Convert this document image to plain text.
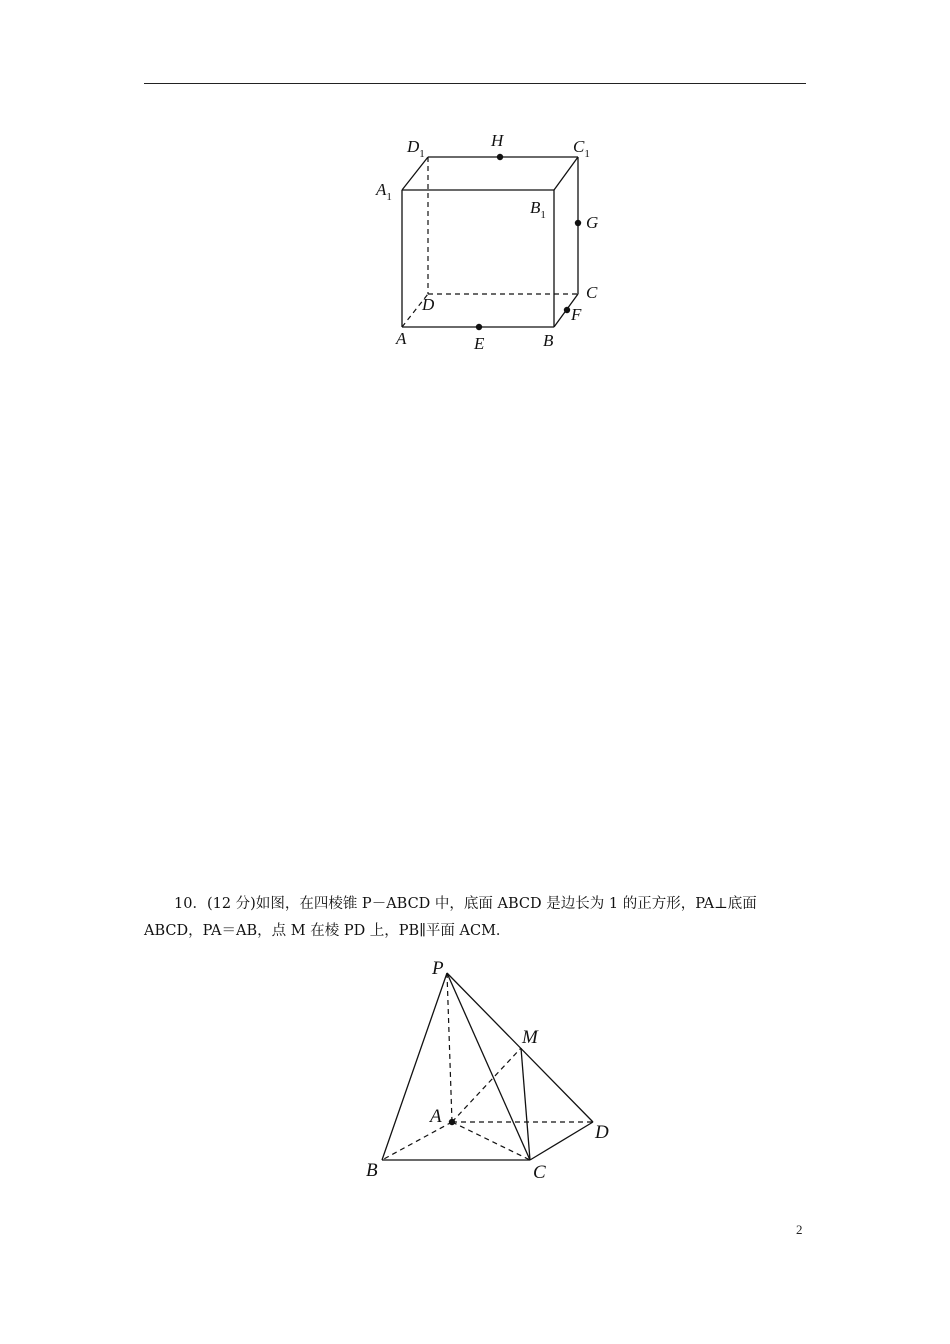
$D_1$
H	$C_1$
$A_1$
$B_1$ G
C
D
F
A	E	B

10．(12 分)如图，在四棱锥 P－ABCD 中，底面 ABCD 是边长为 1 的正方形，PA⊥底面

ABCD，PA＝AB，点 M 在棱 PD 上，PB∥平面 ACM．

P
M
A
D
B	C
2
